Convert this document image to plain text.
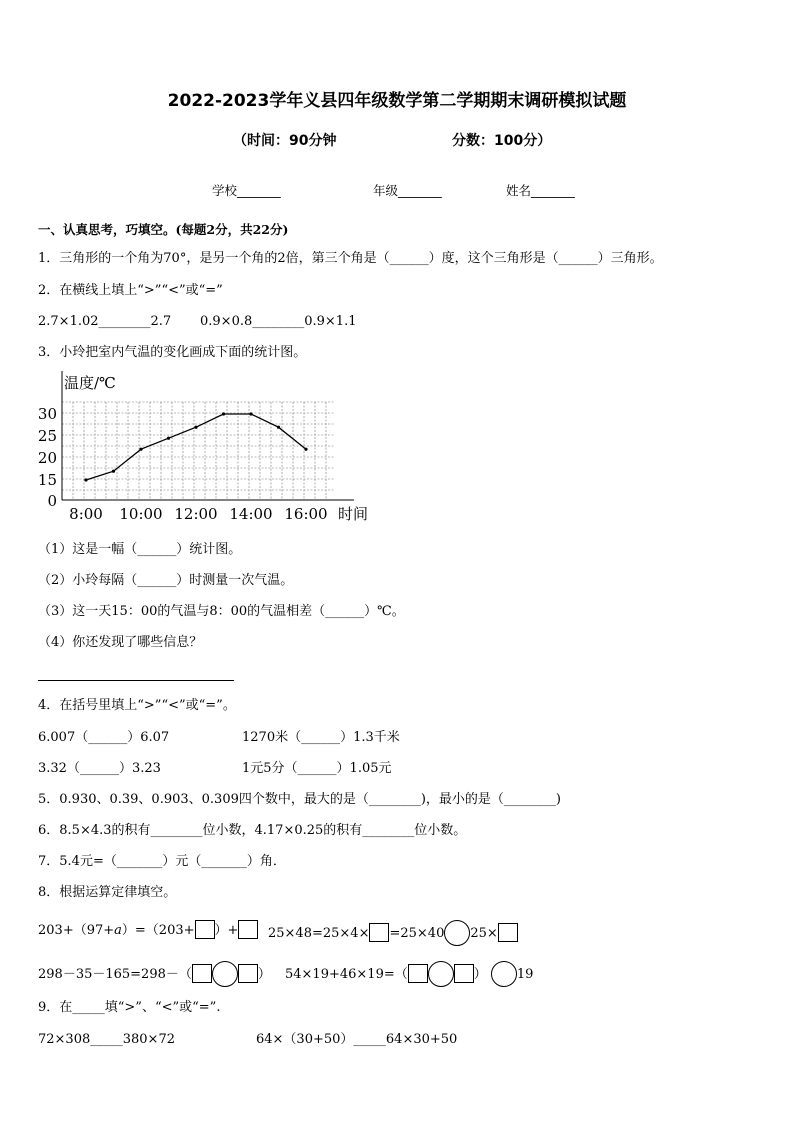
2022-2023学年义县四年级数学第二学期期末调研模拟试题
（时间：90分钟	分数：100分）
学校_______	年级_______	姓名_______
一、认真思考，巧填空。(每题2分，共22分)
1．三角形的一个角为70°，是另一个角的2倍，第三个角是（______）度，这个三角形是（______）三角形。
2．在横线上填上“>”“<”或“=”
2.7×1.02________2.7 0.9×0.8________0.9×1.1
3．小玲把室内气温的变化画成下面的统计图。
温度/℃
时间
30
25
20
15
0
8:00 10:00 12:00 14:00 16:00
（1）这是一幅（______）统计图。
（2）小玲每隔（______）时测量一次气温。
（3）这一天15：00的气温与8：00的气温相差（______）℃。
（4）你还发现了哪些信息？
4．在括号里填上“>”“<”或“=”。
6.007（______）6.07	1270米（______）1.3千米
3.32（______）3.23	1元5分（______）1.05元
5．0.930、0.39、0.903、0.309四个数中，最大的是（________)，最小的是（________)
6．8.5×4.3的积有________位小数，4.17×0.25的积有________位小数。
7．5.4元=（_______）元（_______）角．
8．根据运算定律填空。
203+（97+a）=（203+ ）+	25×48=25×4× =25×40 25×
298－35－165=298－（	） 54×19+46×19=（	） 19
9．在_____填“>”、“<”或“=”.
72×308_____380×72	64×（30+50）_____64×30+50
